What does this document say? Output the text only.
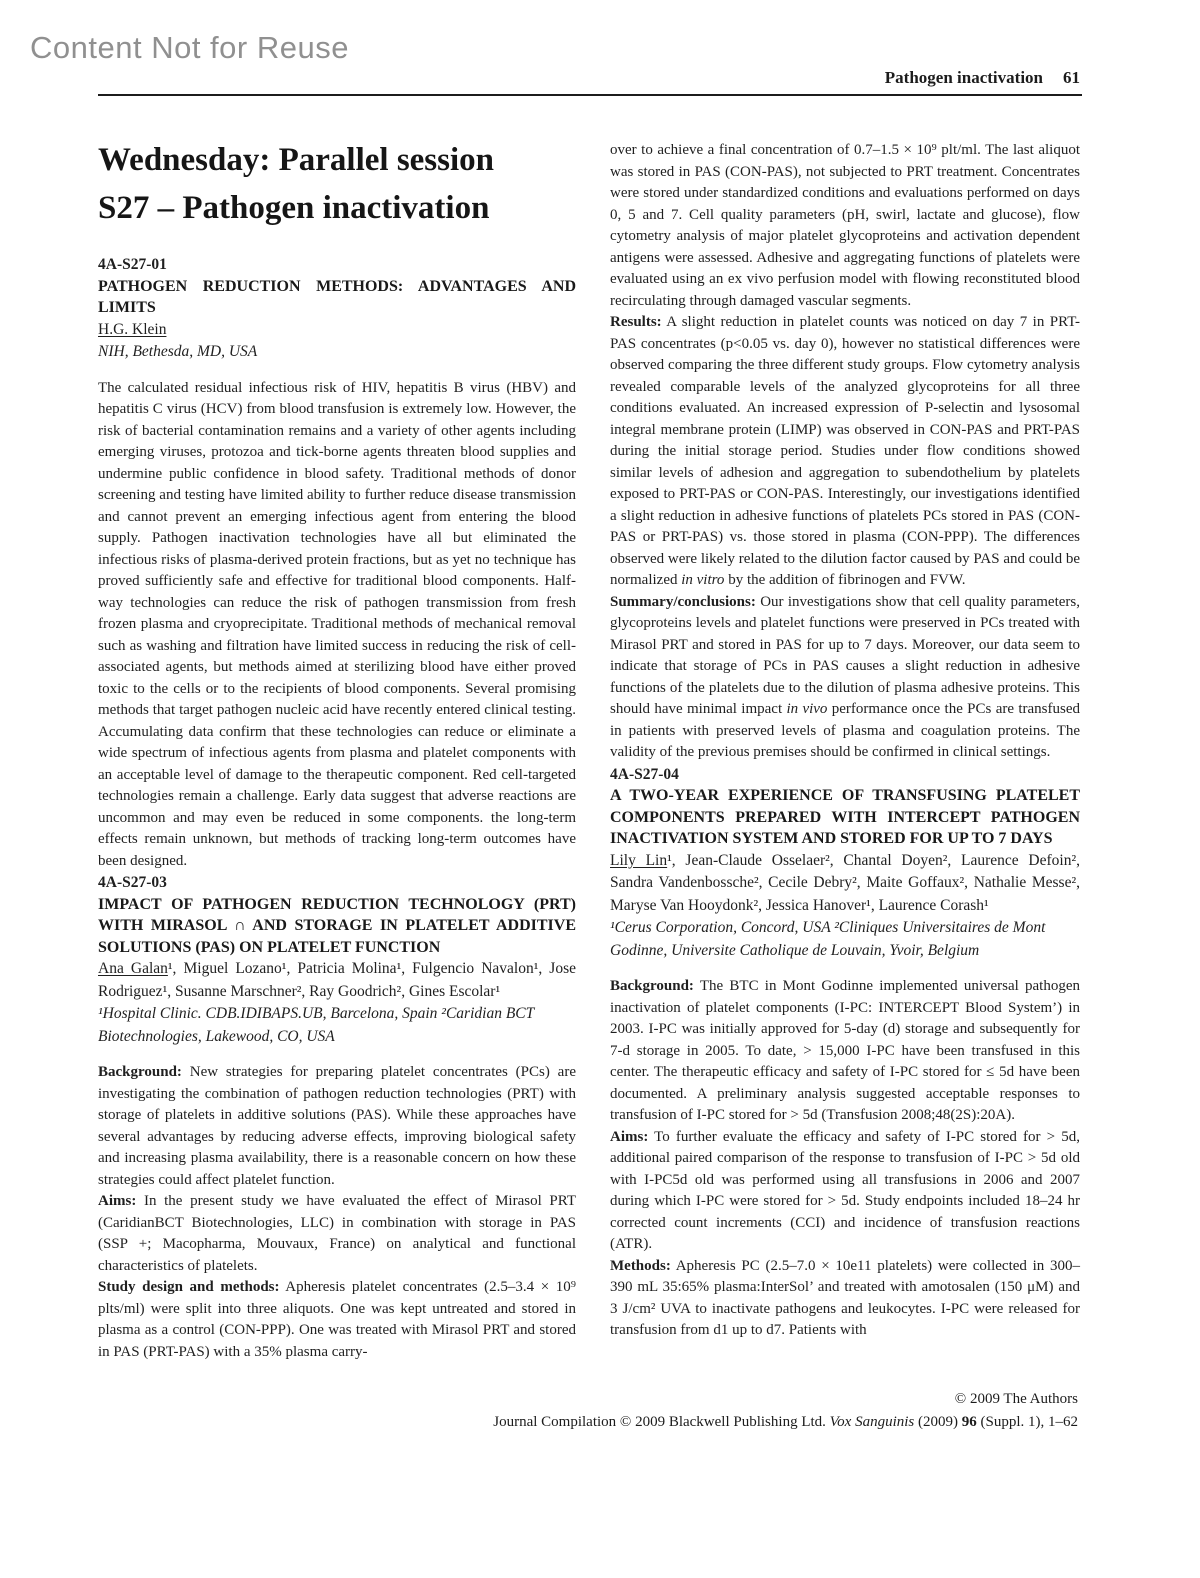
Content Not for Reuse
Pathogen inactivation 61
Wednesday: Parallel session
S27 – Pathogen inactivation
4A-S27-01
PATHOGEN REDUCTION METHODS: ADVANTAGES AND LIMITS
H.G. Klein
NIH, Bethesda, MD, USA

The calculated residual infectious risk of HIV, hepatitis B virus (HBV) and hepatitis C virus (HCV) from blood transfusion is extremely low. However, the risk of bacterial contamination remains and a variety of other agents including emerging viruses, protozoa and tick-borne agents threaten blood supplies and undermine public confidence in blood safety. Traditional methods of donor screening and testing have limited ability to further reduce disease transmission and cannot prevent an emerging infectious agent from entering the blood supply. Pathogen inactivation technologies have all but eliminated the infectious risks of plasma-derived protein fractions, but as yet no technique has proved sufficiently safe and effective for traditional blood components. Half-way technologies can reduce the risk of pathogen transmission from fresh frozen plasma and cryoprecipitate. Traditional methods of mechanical removal such as washing and filtration have limited success in reducing the risk of cell-associated agents, but methods aimed at sterilizing blood have either proved toxic to the cells or to the recipients of blood components. Several promising methods that target pathogen nucleic acid have recently entered clinical testing. Accumulating data confirm that these technologies can reduce or eliminate a wide spectrum of infectious agents from plasma and platelet components with an acceptable level of damage to the therapeutic component. Red cell-targeted technologies remain a challenge. Early data suggest that adverse reactions are uncommon and may even be reduced in some components. the long-term effects remain unknown, but methods of tracking long-term outcomes have been designed.

4A-S27-03
IMPACT OF PATHOGEN REDUCTION TECHNOLOGY (PRT) WITH MIRASOL ∩ AND STORAGE IN PLATELET ADDITIVE SOLUTIONS (PAS) ON PLATELET FUNCTION
Ana Galan¹, Miguel Lozano¹, Patricia Molina¹, Fulgencio Navalon¹, Jose Rodriguez¹, Susanne Marschner², Ray Goodrich², Gines Escolar¹
¹Hospital Clinic. CDB.IDIBAPS.UB, Barcelona, Spain ²Caridian BCT Biotechnologies, Lakewood, CO, USA

Background: New strategies for preparing platelet concentrates (PCs) are investigating the combination of pathogen reduction technologies (PRT) with storage of platelets in additive solutions (PAS). While these approaches have several advantages by reducing adverse effects, improving biological safety and increasing plasma availability, there is a reasonable concern on how these strategies could affect platelet function.

Aims: In the present study we have evaluated the effect of Mirasol PRT (CaridianBCT Biotechnologies, LLC) in combination with storage in PAS (SSP +; Macopharma, Mouvaux, France) on analytical and functional characteristics of platelets.

Study design and methods: Apheresis platelet concentrates (2.5–3.4 × 10⁹ plts/ml) were split into three aliquots. One was kept untreated and stored in plasma as a control (CON-PPP). One was treated with Mirasol PRT and stored in PAS (PRT-PAS) with a 35% plasma carry-

over to achieve a final concentration of 0.7–1.5 × 10⁹ plt/ml. The last aliquot was stored in PAS (CON-PAS), not subjected to PRT treatment. Concentrates were stored under standardized conditions and evaluations performed on days 0, 5 and 7. Cell quality parameters (pH, swirl, lactate and glucose), flow cytometry analysis of major platelet glycoproteins and activation dependent antigens were assessed. Adhesive and aggregating functions of platelets were evaluated using an ex vivo perfusion model with flowing reconstituted blood recirculating through damaged vascular segments.

Results: A slight reduction in platelet counts was noticed on day 7 in PRT-PAS concentrates (p<0.05 vs. day 0), however no statistical differences were observed comparing the three different study groups. Flow cytometry analysis revealed comparable levels of the analyzed glycoproteins for all three conditions evaluated. An increased expression of P-selectin and lysosomal integral membrane protein (LIMP) was observed in CON-PAS and PRT-PAS during the initial storage period. Studies under flow conditions showed similar levels of adhesion and aggregation to subendothelium by platelets exposed to PRT-PAS or CON-PAS. Interestingly, our investigations identified a slight reduction in adhesive functions of platelets PCs stored in PAS (CON-PAS or PRT-PAS) vs. those stored in plasma (CON-PPP). The differences observed were likely related to the dilution factor caused by PAS and could be normalized in vitro by the addition of fibrinogen and FVW.

Summary/conclusions: Our investigations show that cell quality parameters, glycoproteins levels and platelet functions were preserved in PCs treated with Mirasol PRT and stored in PAS for up to 7 days. Moreover, our data seem to indicate that storage of PCs in PAS causes a slight reduction in adhesive functions of the platelets due to the dilution of plasma adhesive proteins. This should have minimal impact in vivo performance once the PCs are transfused in patients with preserved levels of plasma and coagulation proteins. The validity of the previous premises should be confirmed in clinical settings.

4A-S27-04
A TWO-YEAR EXPERIENCE OF TRANSFUSING PLATELET COMPONENTS PREPARED WITH INTERCEPT PATHOGEN INACTIVATION SYSTEM AND STORED FOR UP TO 7 DAYS
Lily Lin¹, Jean-Claude Osselaer², Chantal Doyen², Laurence Defoin², Sandra Vandenbossche², Cecile Debry², Maite Goffaux², Nathalie Messe², Maryse Van Hooydonk², Jessica Hanover¹, Laurence Corash¹
¹Cerus Corporation, Concord, USA ²Cliniques Universitaires de Mont Godinne, Universite Catholique de Louvain, Yvoir, Belgium

Background: The BTC in Mont Godinne implemented universal pathogen inactivation of platelet components (I-PC: INTERCEPT Blood System’) in 2003. I-PC was initially approved for 5-day (d) storage and subsequently for 7-d storage in 2005. To date, > 15,000 I-PC have been transfused in this center. The therapeutic efficacy and safety of I-PC stored for ≤ 5d have been documented. A preliminary analysis suggested acceptable responses to transfusion of I-PC stored for > 5d (Transfusion 2008;48(2S):20A).

Aims: To further evaluate the efficacy and safety of I-PC stored for > 5d, additional paired comparison of the response to transfusion of I-PC > 5d old with I-PC5d old was performed using all transfusions in 2006 and 2007 during which I-PC were stored for > 5d. Study endpoints included 18–24 hr corrected count increments (CCI) and incidence of transfusion reactions (ATR).

Methods: Apheresis PC (2.5–7.0 × 10e11 platelets) were collected in 300–390 mL 35:65% plasma:InterSol’ and treated with amotosalen (150 μM) and 3 J/cm² UVA to inactivate pathogens and leukocytes. I-PC were released for transfusion from d1 up to d7. Patients with

© 2009 The Authors
Journal Compilation © 2009 Blackwell Publishing Ltd. Vox Sanguinis (2009) 96 (Suppl. 1), 1–62
